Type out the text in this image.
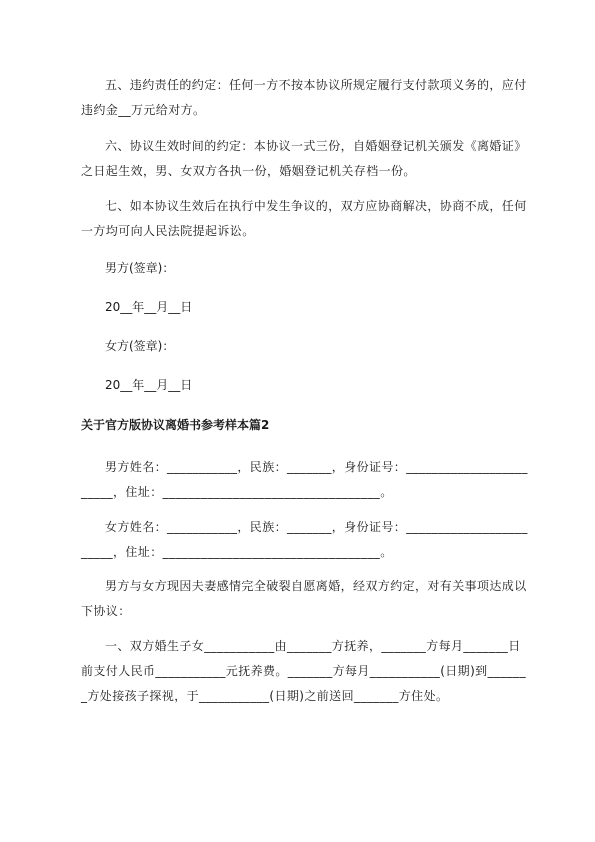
五、违约责任的约定：任何一方不按本协议所规定履行支付款项义务的，应付违约金__万元给对方。

六、协议生效时间的约定：本协议一式三份，自婚姻登记机关颁发《离婚证》之日起生效，男、女双方各执一份，婚姻登记机关存档一份。

七、如本协议生效后在执行中发生争议的，双方应协商解决，协商不成，任何一方均可向人民法院提起诉讼。

男方(签章)：

20__年__月__日

女方(签章)：

20__年__月__日

关于官方版协议离婚书参考样本篇2

男方姓名：___________，民族：_______，身份证号：________________________，住址：__________________________________。

女方姓名：___________，民族：_______，身份证号：________________________，住址：__________________________________。

男方与女方现因夫妻感情完全破裂自愿离婚，经双方约定，对有关事项达成以下协议：

一、双方婚生子女___________由_______方抚养，_______方每月_______日前支付人民币___________元抚养费。_______方每月___________(日期)到_______方处接孩子探视，于___________(日期)之前送回_______方住处。
